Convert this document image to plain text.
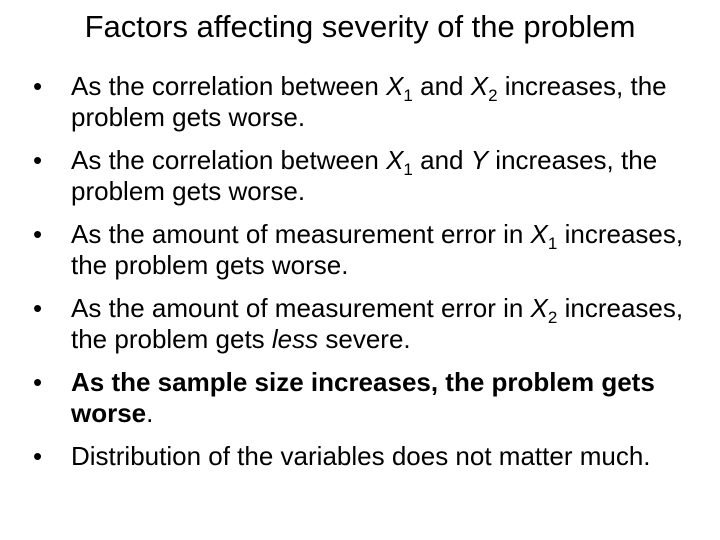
Factors affecting severity of the problem
•	As the correlation between $X_1$ and $X_2$ increases, the problem gets worse.
•	As the correlation between $X_1$ and Y increases, the problem gets worse.
•	As the amount of measurement error in $X_1$ increases, the problem gets worse.
•	As the amount of measurement error in $X_2$ increases, the problem gets less severe.
•	As the sample size increases, the problem gets worse.
•	Distribution of the variables does not matter much.
